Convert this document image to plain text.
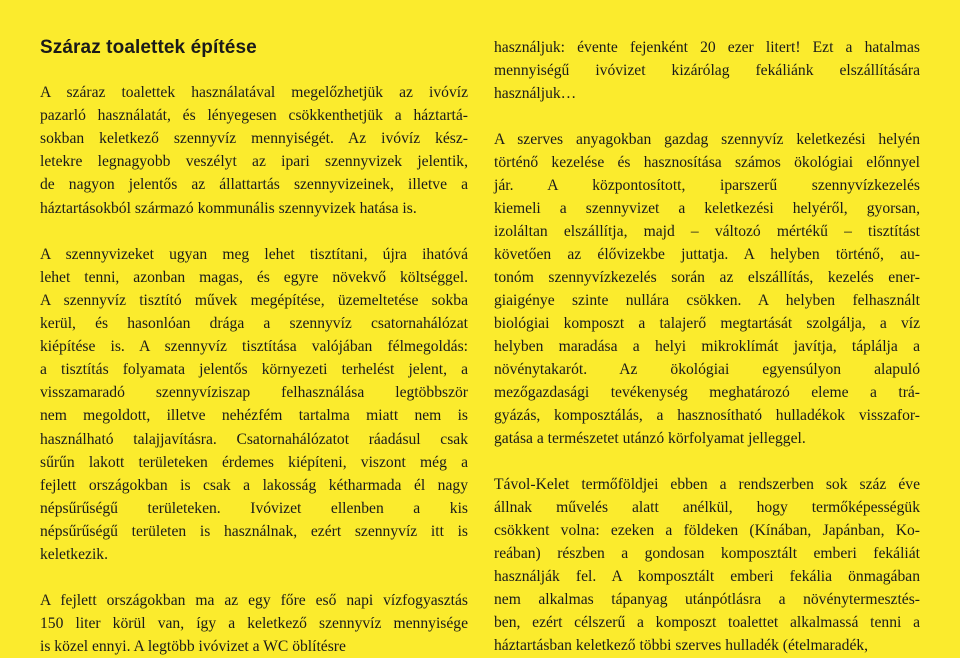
Száraz toalettek építése
A száraz toalettek használatával megelőzhetjük az ivóvíz
pazarló használatát, és lényegesen csökkenthetjük a háztartá-
sokban keletkező szennyvíz mennyiségét. Az ivóvíz kész-
letekre legnagyobb veszélyt az ipari szennyvizek jelentik,
de nagyon jelentős az állattartás szennyvizeinek, illetve a
háztartásokból származó kommunális szennyvizek hatása is.
A szennyvizeket ugyan meg lehet tisztítani, újra ihatóvá
lehet tenni, azonban magas, és egyre növekvő költséggel.
A szennyvíz tisztító művek megépítése, üzemeltetése sokba
kerül, és hasonlóan drága a szennyvíz csatornahálózat
kiépítése is. A szennyvíz tisztítása valójában félmegoldás:
a tisztítás folyamata jelentős környezeti terhelést jelent, a
visszamaradó szennyvíziszap felhasználása legtöbbször
nem megoldott, illetve nehézfém tartalma miatt nem is
használható talajjavításra. Csatornahálózatot ráadásul csak
sűrűn lakott területeken érdemes kiépíteni, viszont még a
fejlett országokban is csak a lakosság kétharmada él nagy
népsűrűségű területeken. Ivóvizet ellenben a kis
népsűrűségű területen is használnak, ezért szennyvíz itt is
keletkezik.
A fejlett országokban ma az egy főre eső napi vízfogyasztás
150 liter körül van, így a keletkező szennyvíz mennyisége
is közel ennyi. A legtöbb ivóvizet a WC öblítésre
használjuk: évente fejenként 20 ezer litert! Ezt a hatalmas
mennyiségű ivóvizet kizárólag fekáliánk elszállítására
használjuk…
A szerves anyagokban gazdag szennyvíz keletkezési helyén
történő kezelése és hasznosítása számos ökológiai előnnyel
jár. A központosított, iparszerű szennyvízkezelés
kiemeli a szennyvizet a keletkezési helyéről, gyorsan,
izoláltan elszállítja, majd – változó mértékű – tisztítást
követően az élővizekbe juttatja. A helyben történő, au-
tonóm szennyvízkezelés során az elszállítás, kezelés ener-
giaigénye szinte nullára csökken. A helyben felhasznált
biológiai komposzt a talajerő megtartását szolgálja, a víz
helyben maradása a helyi mikroklímát javítja, táplálja a
növénytakarót. Az ökológiai egyensúlyon alapuló
mezőgazdasági tevékenység meghatározó eleme a trá-
gyázás, komposztálás, a hasznosítható hulladékok visszafor-
gatása a természetet utánzó körfolyamat jelleggel.
Távol-Kelet termőföldjei ebben a rendszerben sok száz éve
állnak művelés alatt anélkül, hogy termőképességük
csökkent volna: ezeken a földeken (Kínában, Japánban, Ko-
reában) részben a gondosan komposztált emberi fekáliát
használják fel. A komposztált emberi fekália önmagában
nem alkalmas tápanyag utánpótlásra a növénytermesztés-
ben, ezért célszerű a komposzt toalettet alkalmassá tenni a
háztartásban keletkező többi szerves hulladék (ételmaradék,
